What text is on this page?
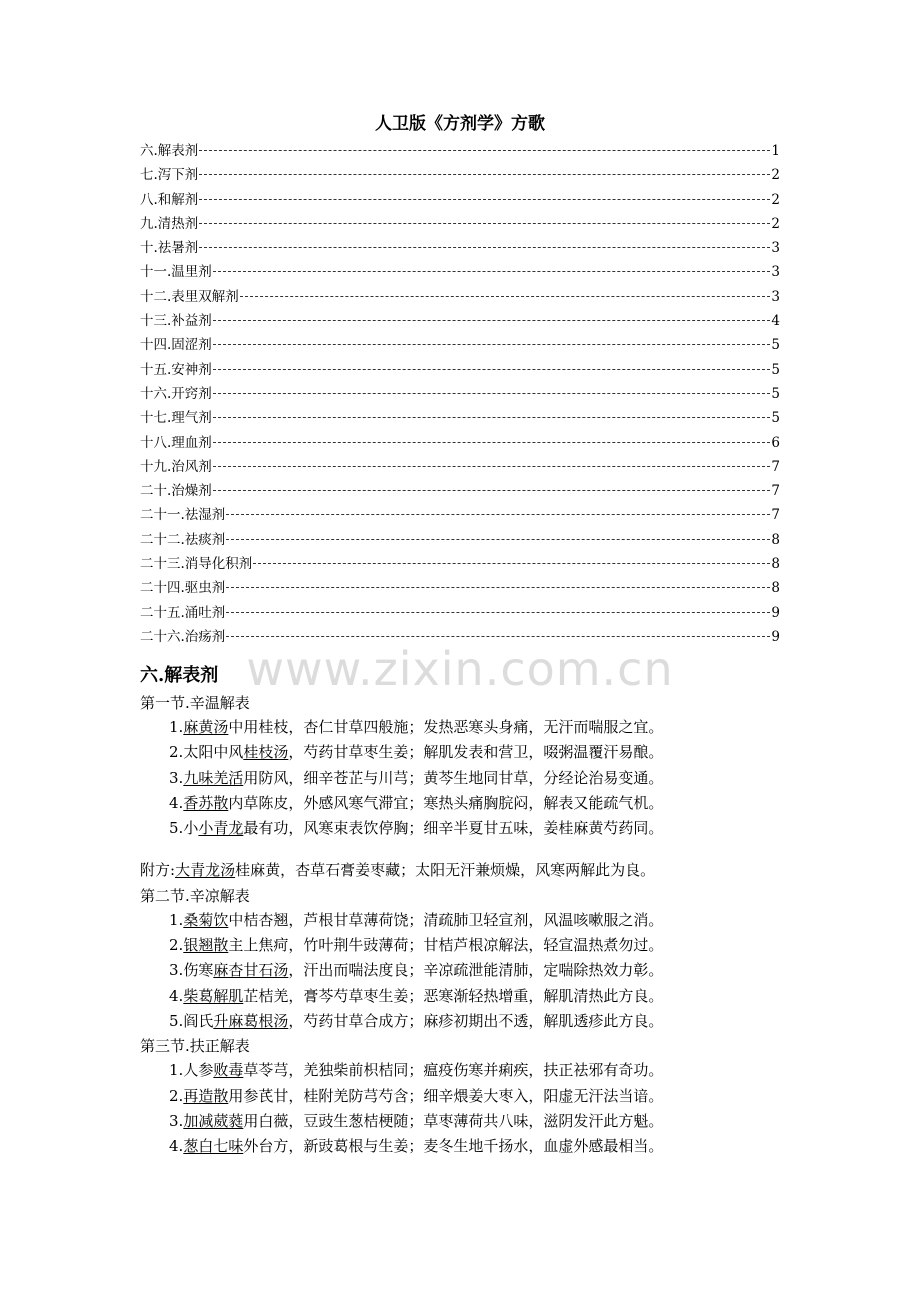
人卫版《方剂学》方歌
六.解表剂	1
七.泻下剂	2
八.和解剂	2
九.清热剂	2
十.祛暑剂	3
十一.温里剂	3
十二.表里双解剂	3
十三.补益剂	4
十四.固涩剂	5
十五.安神剂	5
十六.开窍剂	5
十七.理气剂	5
十八.理血剂	6
十九.治风剂	7
二十.治燥剂	7
二十一.祛湿剂	7
二十二.祛痰剂	8
二十三.消导化积剂	8
二十四.驱虫剂	8
二十五.涌吐剂	9
二十六.治疡剂	9
www.zixin.com.cn
六.解表剂
第一节.辛温解表
1.麻黄汤中用桂枝，杏仁甘草四般施；发热恶寒头身痛，无汗而喘服之宜。
2.太阳中风桂枝汤，芍药甘草枣生姜；解肌发表和营卫，啜粥温覆汗易酿。
3.九味羌活用防风，细辛苍芷与川芎；黄芩生地同甘草，分经论治易变通。
4.香苏散内草陈皮，外感风寒气滞宜；寒热头痛胸脘闷，解表又能疏气机。
5.小小青龙最有功，风寒束表饮停胸；细辛半夏甘五味，姜桂麻黄芍药同。
附方:大青龙汤桂麻黄，杏草石膏姜枣藏；太阳无汗兼烦燥，风寒两解此为良。
第二节.辛凉解表
1.桑菊饮中桔杏翘，芦根甘草薄荷饶；清疏肺卫轻宣剂，风温咳嗽服之消。
2.银翘散主上焦疴，竹叶荆牛豉薄荷；甘桔芦根凉解法，轻宣温热煮勿过。
3.伤寒麻杏甘石汤，汗出而喘法度良；辛凉疏泄能清肺，定喘除热效力彰。
4.柴葛解肌芷桔羌，膏芩芍草枣生姜；恶寒渐轻热增重，解肌清热此方良。
5.阎氏升麻葛根汤，芍药甘草合成方；麻疹初期出不透，解肌透疹此方良。
第三节.扶正解表
1.人参败毒草苓芎，羌独柴前枳桔同；瘟疫伤寒并痢疾，扶正祛邪有奇功。
2.再造散用参芪甘，桂附羌防芎芍含；细辛煨姜大枣入，阳虚无汗法当谙。
3.加减葳蕤用白薇，豆豉生葱桔梗随；草枣薄荷共八味，滋阴发汗此方魁。
4.葱白七味外台方，新豉葛根与生姜；麦冬生地千扬水，血虚外感最相当。
